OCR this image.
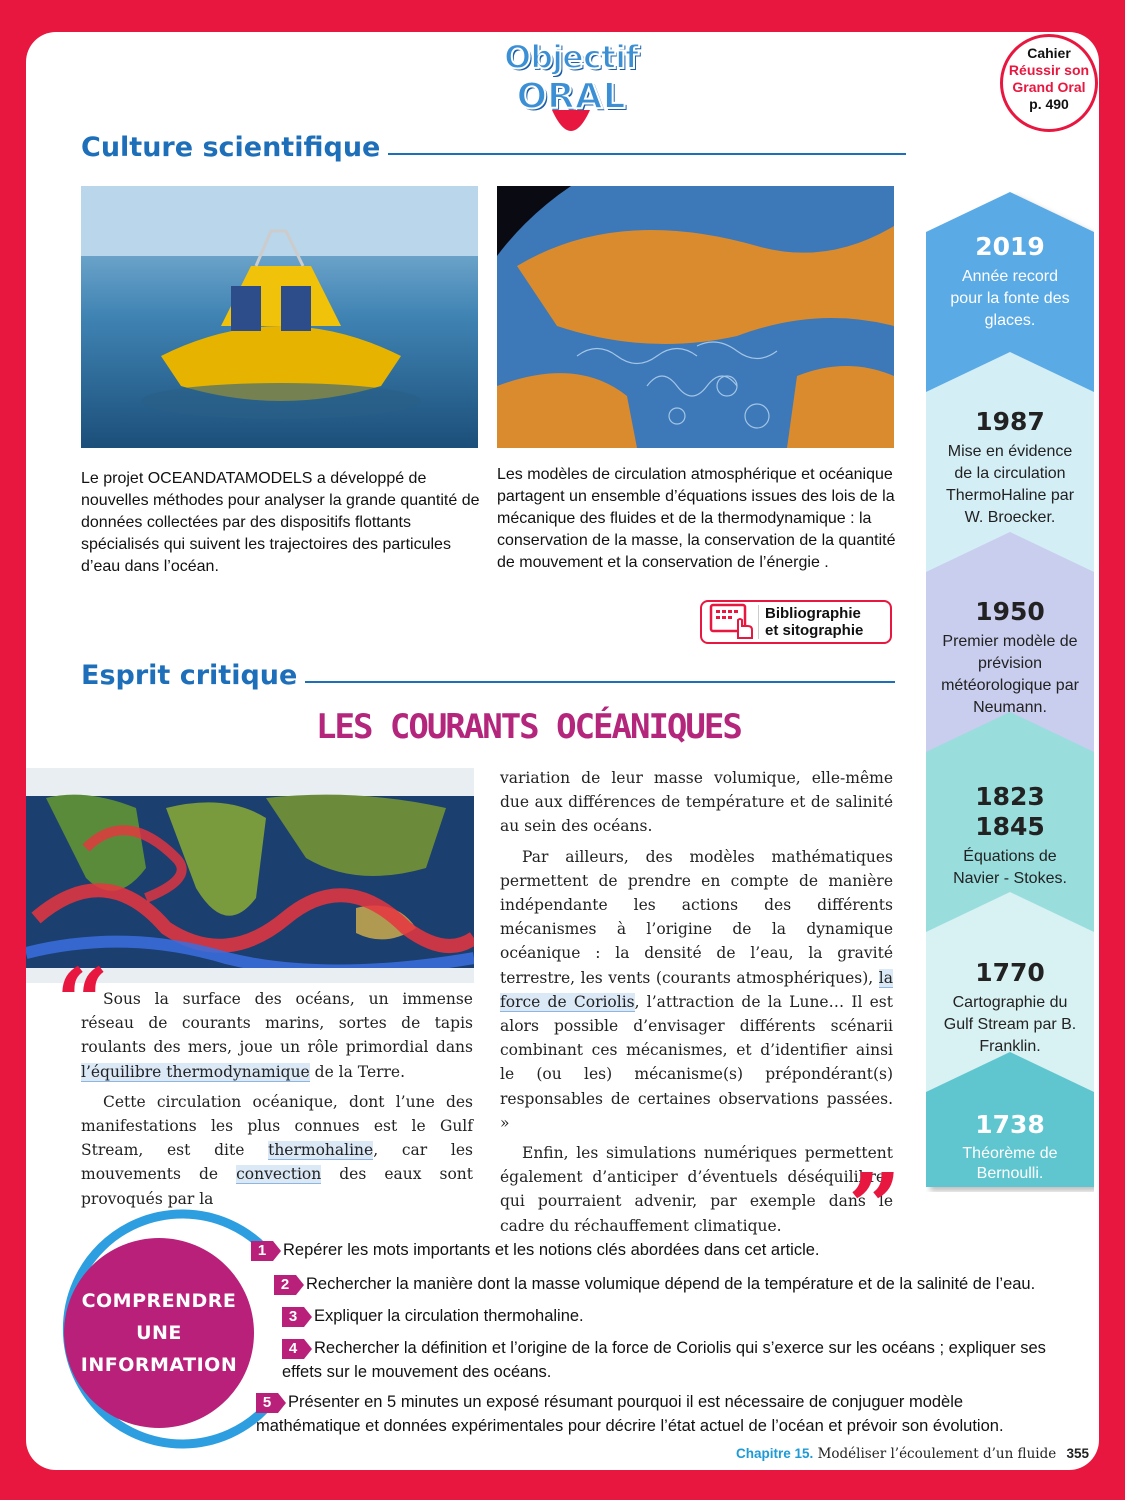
Objectif
ORAL
Cahier
Réussir son
Grand Oral
p. 490
Culture scientifique
Le projet OCEANDATAMODELS a développé de nouvelles méthodes pour analyser la grande quantité de données collectées par des dispositifs flottants spécialisés qui suivent les trajectoires des particules d’eau dans l’océan.
Les modèles de circulation atmosphérique et océanique partagent un ensemble d’équations issues des lois de la mécanique des fluides et de la thermodynamique : la conservation de la masse, la conservation de la quantité de mouvement et la conservation de l’énergie .
Bibliographie
et sitographie
Esprit critique
LES COURANTS OCÉANIQUES
“

Sous la surface des océans, un immense réseau de courants marins, sortes de tapis roulants des mers, joue un rôle primordial dans l’équilibre thermodynamique de la Terre.

Cette circulation océanique, dont l’une des manifestations les plus connues est le Gulf Stream, est dite thermohaline, car les mouvements de convection des eaux sont provoqués par la

variation de leur masse volumique, elle-même due aux différences de température et de salinité au sein des océans.

Par ailleurs, des modèles mathématiques permettent de prendre en compte de manière indépendante les actions des différents mécanismes à l’origine de la dynamique océanique : la densité de l’eau, la gravité terrestre, les vents (courants atmosphériques), la force de Coriolis, l’attraction de la Lune… Il est alors possible d’envisager différents scénarii combinant ces mécanismes, et d’identifier ainsi le (ou les) mécanisme(s) prépondérant(s) responsables de certaines observations passées. »

Enfin, les simulations numériques permettent également d’anticiper d’éventuels déséquilibres qui pourraient advenir, par exemple dans le cadre du réchauffement climatique. ”
2019
Année record pour la fonte des glaces.
1987
Mise en évidence de la circulation ThermoHaline par W. Broecker.
1950
Premier modèle de prévision météorologique par Neumann.
1823
1845
Équations de Navier - Stokes.
1770
Cartographie du Gulf Stream par B. Franklin.
1738
Théorème de Bernoulli.
COMPRENDRE
UNE
INFORMATION
1 Repérer les mots importants et les notions clés abordées dans cet article.
2 Rechercher la manière dont la masse volumique dépend de la température et de la salinité de l’eau.
3 Expliquer la circulation thermohaline.
4 Rechercher la définition et l’origine de la force de Coriolis qui s’exerce sur les océans ; expliquer ses effets sur le mouvement des océans.
5 Présenter en 5 minutes un exposé résumant pourquoi il est nécessaire de conjuguer modèle mathématique et données expérimentales pour décrire l’état actuel de l’océan et prévoir son évolution.
Chapitre 15. Modéliser l’écoulement d’un fluide 355
